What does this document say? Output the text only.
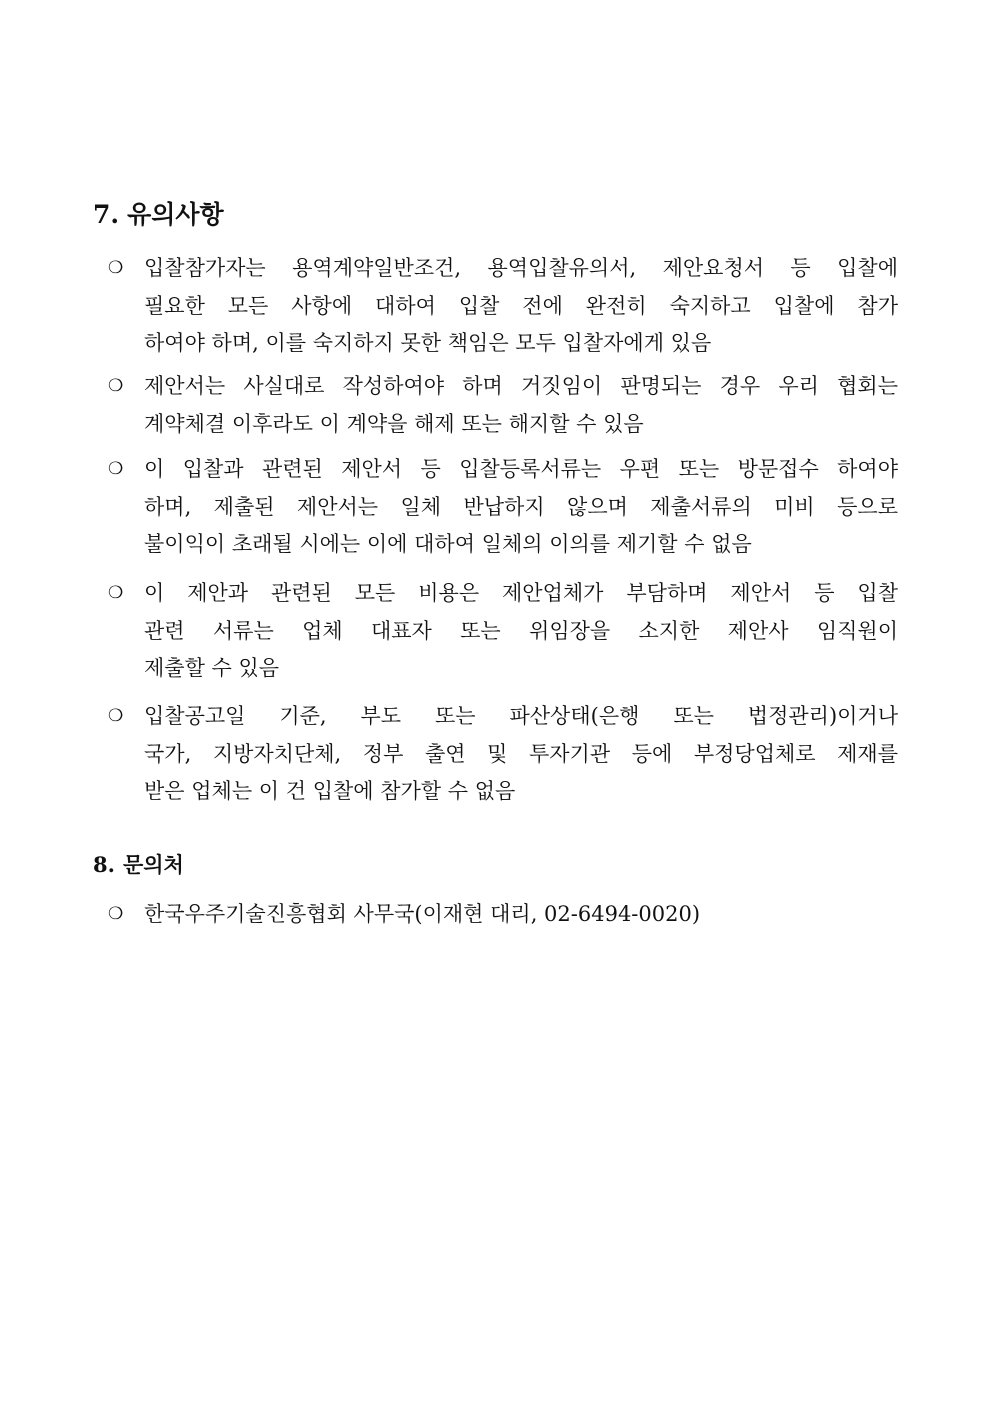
7. 유의사항
❍ 입찰참가자는 용역계약일반조건, 용역입찰유의서, 제안요청서 등 입찰에
필요한 모든 사항에 대하여 입찰 전에 완전히 숙지하고 입찰에 참가
하여야 하며, 이를 숙지하지 못한 책임은 모두 입찰자에게 있음
❍ 제안서는 사실대로 작성하여야 하며 거짓임이 판명되는 경우 우리 협회는
계약체결 이후라도 이 계약을 해제 또는 해지할 수 있음
❍ 이 입찰과 관련된 제안서 등 입찰등록서류는 우편 또는 방문접수 하여야
하며, 제출된 제안서는 일체 반납하지 않으며 제출서류의 미비 등으로
불이익이 초래될 시에는 이에 대하여 일체의 이의를 제기할 수 없음
❍ 이 제안과 관련된 모든 비용은 제안업체가 부담하며 제안서 등 입찰
관련 서류는 업체 대표자 또는 위임장을 소지한 제안사 임직원이
제출할 수 있음
❍ 입찰공고일 기준, 부도 또는 파산상태(은행 또는 법정관리)이거나
국가, 지방자치단체, 정부 출연 및 투자기관 등에 부정당업체로 제재를
받은 업체는 이 건 입찰에 참가할 수 없음
8. 문의처
❍ 한국우주기술진흥협회 사무국(이재현 대리, 02-6494-0020)
